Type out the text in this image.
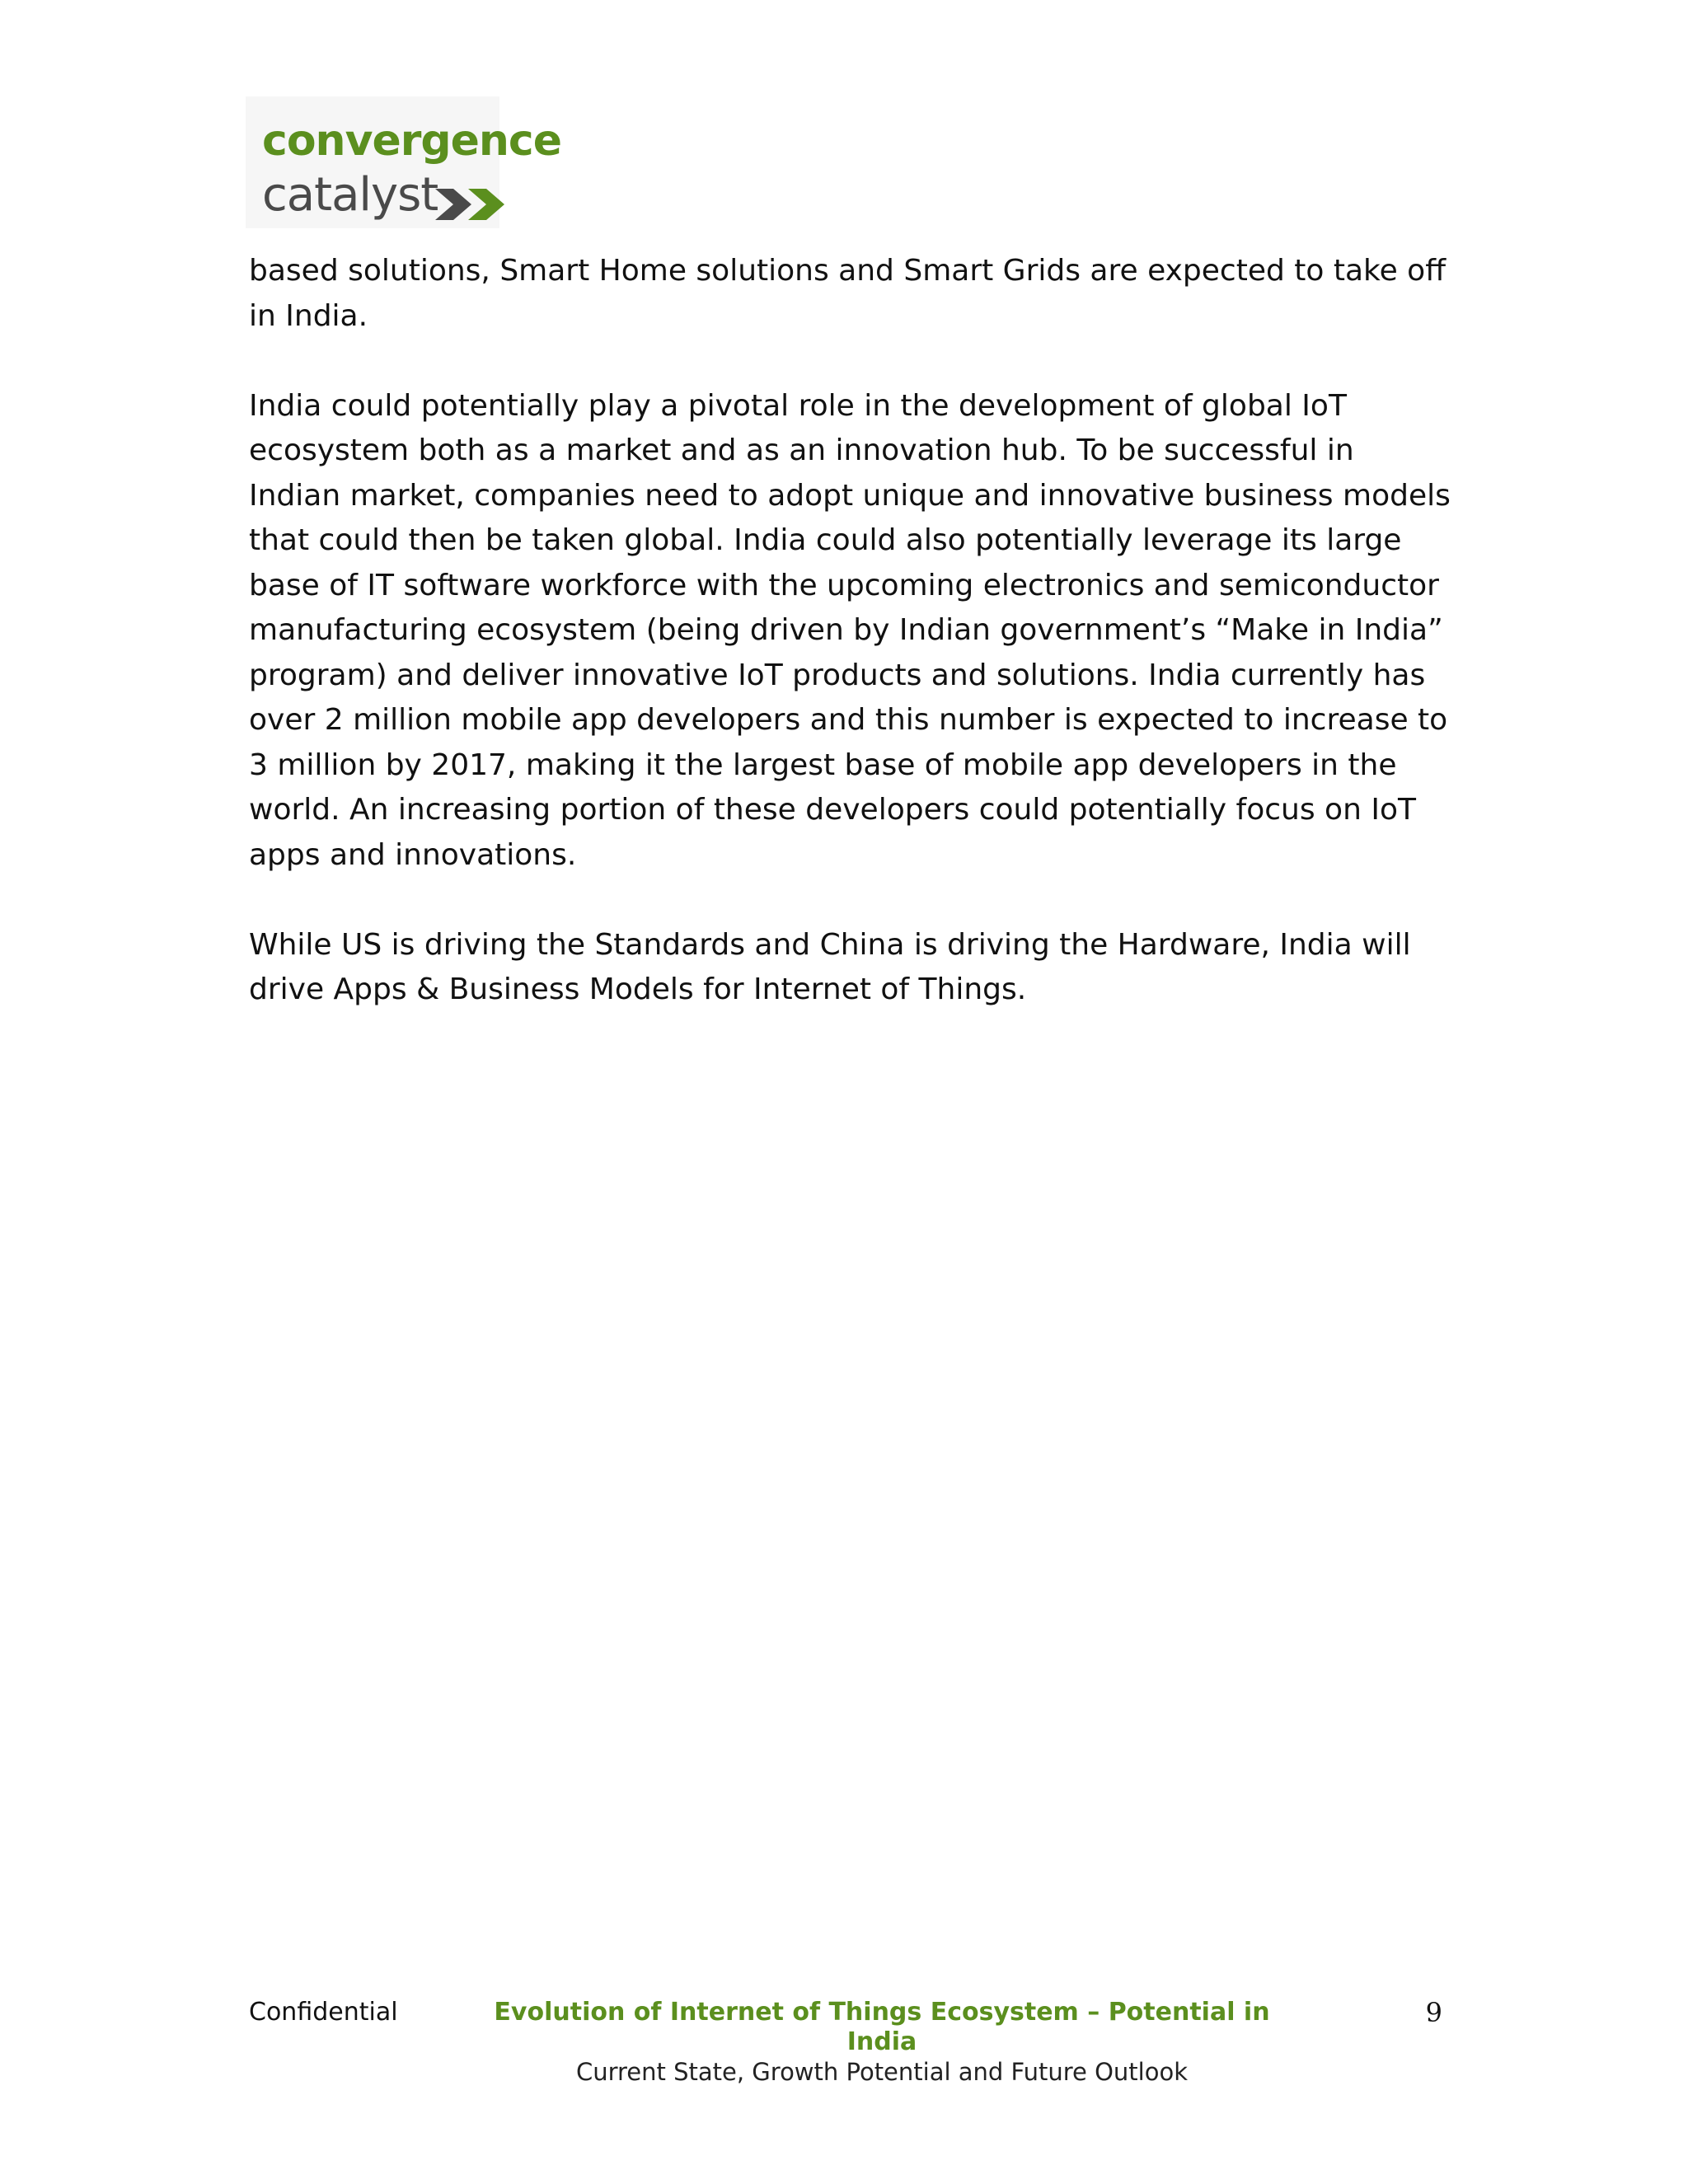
convergence
catalyst

based solutions, Smart Home solutions and Smart Grids are expected to take off in India.

India could potentially play a pivotal role in the development of global IoT ecosystem both as a market and as an innovation hub. To be successful in Indian market, companies need to adopt unique and innovative business models that could then be taken global. India could also potentially leverage its large base of IT software workforce with the upcoming electronics and semiconductor manufacturing ecosystem (being driven by Indian government’s “Make in India” program) and deliver innovative IoT products and solutions. India currently has over 2 million mobile app developers and this number is expected to increase to 3 million by 2017, making it the largest base of mobile app developers in the world. An increasing portion of these developers could potentially focus on IoT apps and innovations.

While US is driving the Standards and China is driving the Hardware, India will drive Apps & Business Models for Internet of Things.

Confidential	Evolution of Internet of Things Ecosystem – Potential in India
Current State, Growth Potential and Future Outlook
9
